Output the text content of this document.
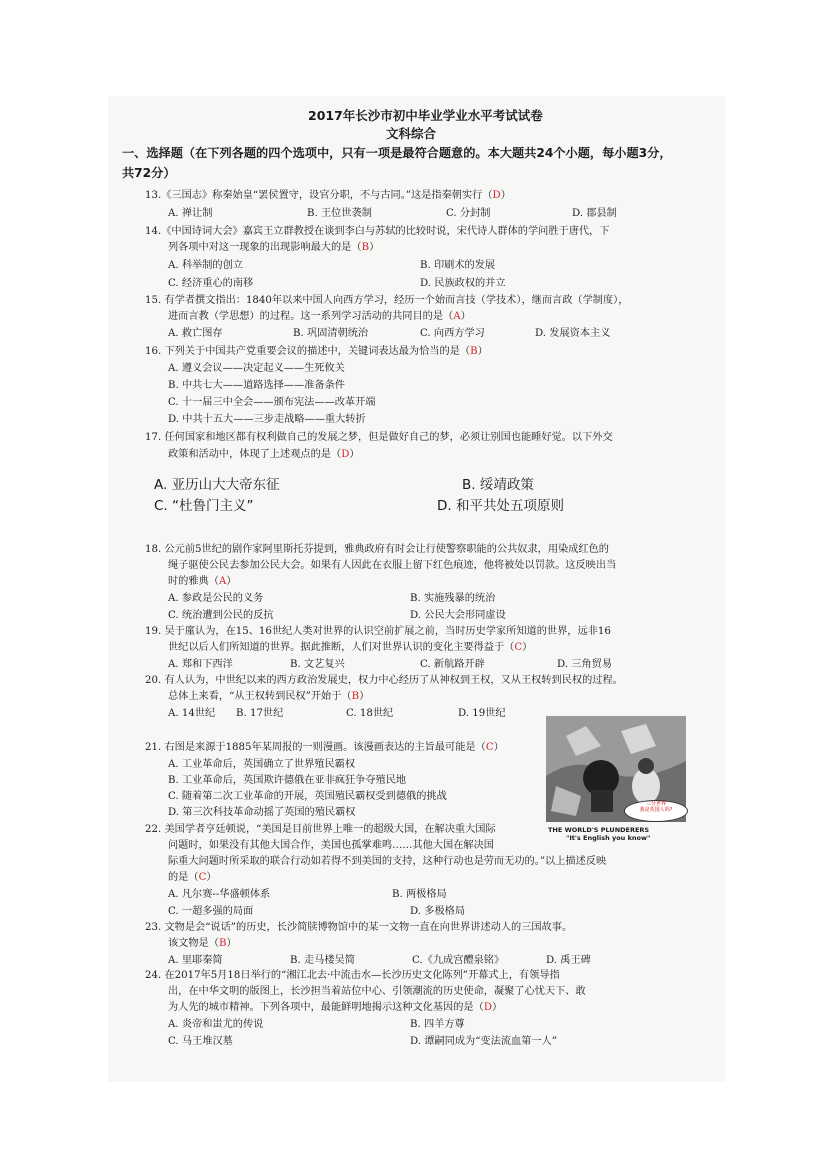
2017年长沙市初中毕业学业水平考试试卷
文科综合
一、选择题（在下列各题的四个选项中，只有一项是最符合题意的。本大题共24个小题，每小题3分，
共72分）
13.《三国志》称秦始皇“罢侯置守，设官分职，不与古同。”这是指秦朝实行（D）
A. 禅让制	B. 王位世袭制	C. 分封制	D. 郡县制
14.《中国诗词大会》嘉宾王立群教授在谈到李白与苏轼的比较时说，宋代诗人群体的学问胜于唐代，下
列各项中对这一现象的出现影响最大的是（B）
A. 科举制的创立	B. 印刷术的发展
C. 经济重心的南移	D. 民族政权的并立
15. 有学者撰文指出：1840年以来中国人向西方学习，经历一个始而言技（学技术），继而言政（学制度），
进而言教（学思想）的过程。这一系列学习活动的共同目的是（A）
A. 救亡图存	B. 巩固清朝统治	C. 向西方学习	D. 发展资本主义
16. 下列关于中国共产党重要会议的描述中，关键词表达最为恰当的是（B）
A. 遵义会议——决定起义——生死攸关
B. 中共七大——道路选择——准备条件
C. 十一届三中全会——颁布宪法——改革开端
D. 中共十五大——三步走战略——重大转折
17. 任何国家和地区都有权利做自己的发展之梦，但是做好自己的梦，必须让别国也能睡好觉。以下外交
政策和活动中，体现了上述观点的是（D）
A. 亚历山大大帝东征	B. 绥靖政策
C. “杜鲁门主义”	D. 和平共处五项原则
18. 公元前5世纪的剧作家阿里斯托芬提到，雅典政府有时会让行使警察职能的公共奴隶，用染成红色的
绳子驱使公民去参加公民大会。如果有人因此在衣服上留下红色痕迹，他将被处以罚款。这反映出当
时的雅典（A）
A. 参政是公民的义务	B. 实施残暴的统治
C. 统治遭到公民的反抗	D. 公民大会形同虚设
19. 吴于廑认为，在15、16世纪人类对世界的认识空前扩展之前，当时历史学家所知道的世界，远非16
世纪以后人们所知道的世界。据此推断，人们对世界认识的变化主要得益于（C）
A. 郑和下西洋	B. 文艺复兴	C. 新航路开辟	D. 三角贸易
20. 有人认为，中世纪以来的西方政治发展史，权力中心经历了从神权到王权，又从王权转到民权的过程。
总体上来看，“从王权转到民权”开始于（B）
A. 14世纪 B. 17世纪	C. 18世纪	D. 19世纪
21. 右图是来源于1885年某周报的一则漫画。该漫画表达的主旨最可能是（C）
A. 工业革命后，英国确立了世界殖民霸权
B. 工业革命后，英国欺许德俄在亚非疯狂争夺殖民地
C. 随着第二次工业革命的开展，英国殖民霸权受到德俄的挑战
D. 第三次科技革命动摇了英国的殖民霸权
三分世界
我是英国人吗?
THE WORLD'S PLUNDERERS
"It's English you know"
22. 美国学者亨廷顿说，“美国是目前世界上唯一的超级大国，在解决重大国际
问题时，如果没有其他大国合作，美国也孤掌难鸣……其他大国在解决国
际重大问题时所采取的联合行动如若得不到美国的支持，这种行动也是劳而无功的。”以上描述反映
的是（C）
A. 凡尔赛--华盛顿体系	B. 两极格局
C. 一超多强的局面	D. 多极格局
23. 文物是会“说话”的历史，长沙简牍博物馆中的某一文物一直在向世界讲述动人的三国故事。
该文物是（B）
A. 里耶秦简	B. 走马楼吴简	C.《九成宫醴泉铭》	D. 禹王碑
24. 在2017年5月18日举行的“湘江北去·中流击水—长沙历史文化陈列”开幕式上，有领导指
出，在中华文明的版图上，长沙担当着站位中心、引领潮流的历史使命，凝聚了心忧天下、敢
为人先的城市精神。下列各项中，最能鲜明地揭示这种文化基因的是（D）
A. 炎帝和蚩尤的传说	B. 四羊方尊
C. 马王堆汉墓	D. 谭嗣同成为“变法流血第一人”
